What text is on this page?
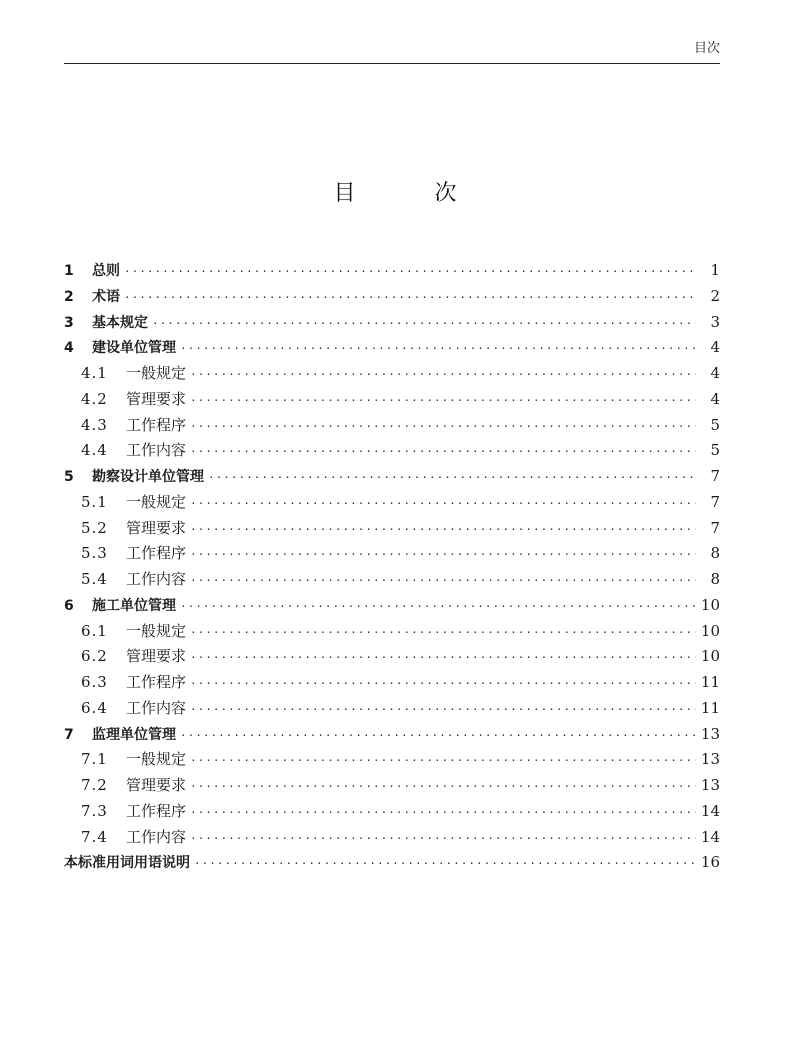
目次
目 次
1	总则 ·····	1
2	术语 ·····	2
3	基本规定 ·····	3
4	建设单位管理 ·····	4
4.1	一般规定 ·····	4
4.2	管理要求 ·····	4
4.3	工作程序 ·····	5
4.4	工作内容 ·····	5
5	勘察设计单位管理 ·····	7
5.1	一般规定 ·····	7
5.2	管理要求 ·····	7
5.3	工作程序 ·····	8
5.4	工作内容 ·····	8
6	施工单位管理 ·····	10
6.1	一般规定 ·····	10
6.2	管理要求 ·····	10
6.3	工作程序 ·····	11
6.4	工作内容 ·····	11
7	监理单位管理 ·····	13
7.1	一般规定 ·····	13
7.2	管理要求 ·····	13
7.3	工作程序 ·····	14
7.4	工作内容 ·····	14
本标准用词用语说明 ·····	16
